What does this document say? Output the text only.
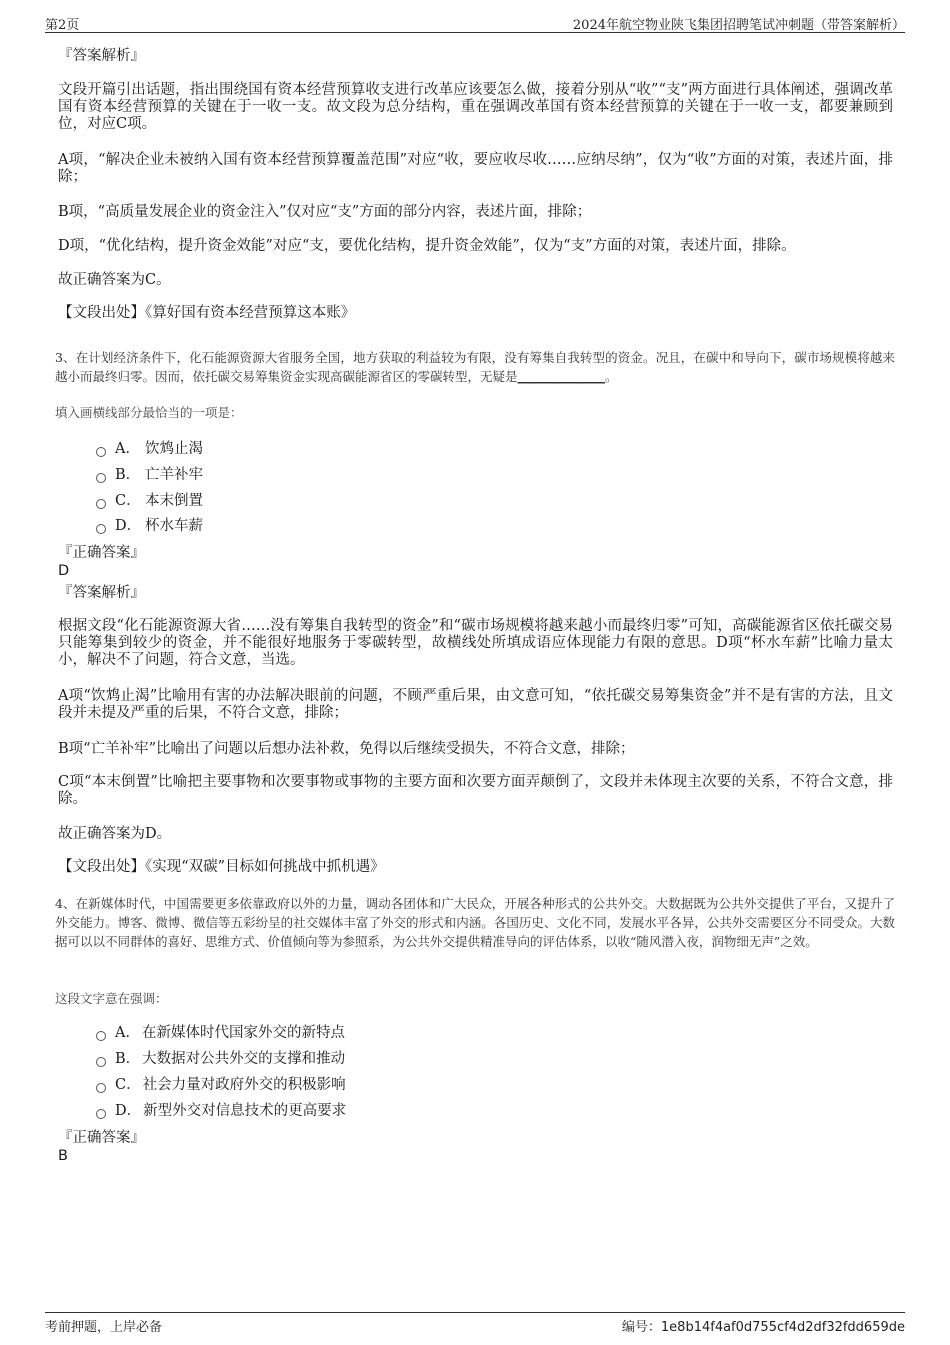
第2页	2024年航空物业陕飞集团招聘笔试冲刺题（带答案解析）
『答案解析』

文段开篇引出话题，指出围绕国有资本经营预算收支进行改革应该要怎么做，接着分别从“收”“支”两方面进行具体阐述，强调改革国有资本经营预算的关键在于一收一支。故文段为总分结构，重在强调改革国有资本经营预算的关键在于一收一支，都要兼顾到位，对应C项。

A项，“解决企业未被纳入国有资本经营预算覆盖范围”对应“收，要应收尽收……应纳尽纳”，仅为“收”方面的对策，表述片面，排除；

B项，“高质量发展企业的资金注入”仅对应“支”方面的部分内容，表述片面，排除；

D项，“优化结构，提升资金效能”对应“支，要优化结构，提升资金效能”，仅为“支”方面的对策，表述片面，排除。

故正确答案为C。

【文段出处】《算好国有资本经营预算这本账》

3、在计划经济条件下，化石能源资源大省服务全国，地方获取的利益较为有限，没有筹集自我转型的资金。况且，在碳中和导向下，碳市场规模将越来越小而最终归零。因而，依托碳交易筹集资金实现高碳能源省区的零碳转型，无疑是______________。

填入画横线部分最恰当的一项是：

A． 饮鸩止渴
B． 亡羊补牢
C． 本末倒置
D． 杯水车薪
『正确答案』
D
『答案解析』

根据文段“化石能源资源大省……没有筹集自我转型的资金”和“碳市场规模将越来越小而最终归零”可知，高碳能源省区依托碳交易只能筹集到较少的资金，并不能很好地服务于零碳转型，故横线处所填成语应体现能力有限的意思。D项“杯水车薪”比喻力量太小，解决不了问题，符合文意，当选。

A项“饮鸩止渴”比喻用有害的办法解决眼前的问题，不顾严重后果，由文意可知，“依托碳交易筹集资金”并不是有害的方法，且文段并未提及严重的后果，不符合文意，排除；

B项“亡羊补牢”比喻出了问题以后想办法补救，免得以后继续受损失，不符合文意，排除；

C项“本末倒置”比喻把主要事物和次要事物或事物的主要方面和次要方面弄颠倒了，文段并未体现主次要的关系，不符合文意，排除。

故正确答案为D。

【文段出处】《实现“双碳”目标如何挑战中抓机遇》

4、在新媒体时代，中国需要更多依靠政府以外的力量，调动各团体和广大民众，开展各种形式的公共外交。大数据既为公共外交提供了平台，又提升了外交能力。博客、微博、微信等五彩纷呈的社交媒体丰富了外交的形式和内涵。各国历史、文化不同，发展水平各异，公共外交需要区分不同受众。大数据可以以不同群体的喜好、思维方式、价值倾向等为参照系，为公共外交提供精准导向的评估体系，以收“随风潜入夜，润物细无声”之效。

这段文字意在强调：

A． 在新媒体时代国家外交的新特点
B． 大数据对公共外交的支撑和推动
C． 社会力量对政府外交的积极影响
D． 新型外交对信息技术的更高要求
『正确答案』
B
考前押题，上岸必备	编号：1e8b14f4af0d755cf4d2df32fdd659de
